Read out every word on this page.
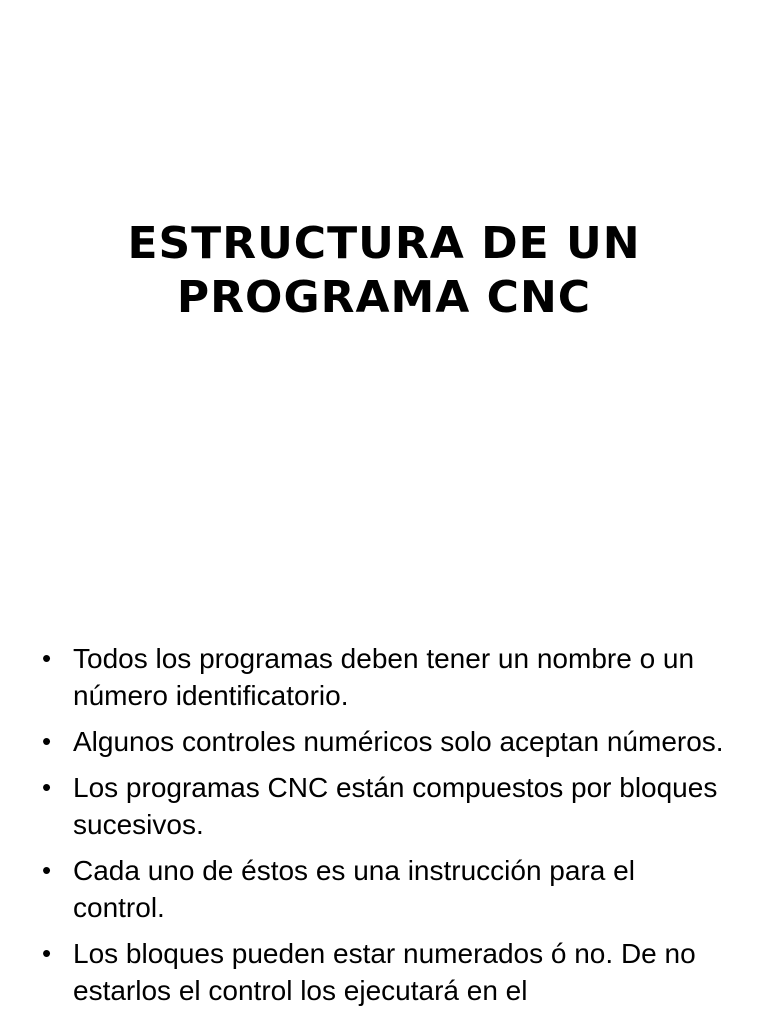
ESTRUCTURA DE UN
PROGRAMA CNC
• Todos los programas deben tener un nombre o un número identificatorio.
• Algunos controles numéricos solo aceptan números.
• Los programas CNC están compuestos por bloques sucesivos.
• Cada uno de éstos es una instrucción para el control.
• Los bloques pueden estar numerados ó no. De no estarlos el control los ejecutará en el
